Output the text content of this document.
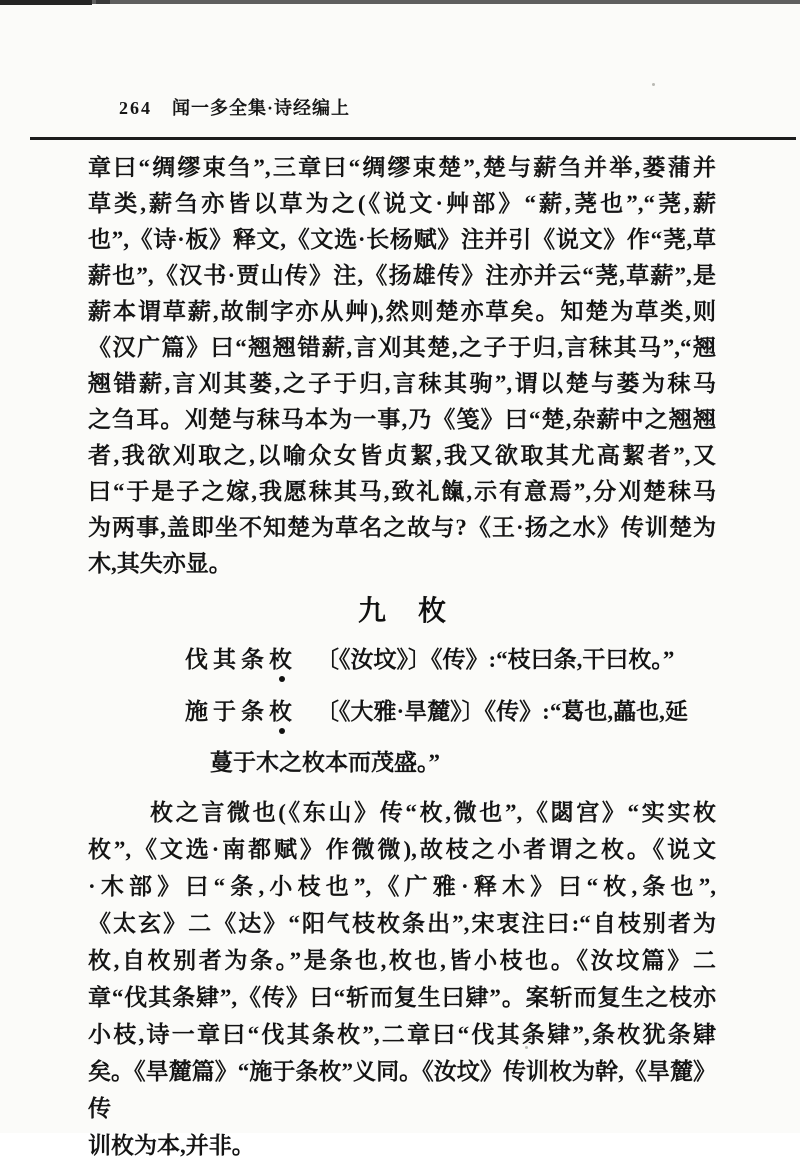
264 闻一多全集·诗经编上
章曰“绸缪束刍”,三章曰“绸缪束楚”,楚与薪刍并举,蒌蒲并
草类,薪刍亦皆以草为之(《说文·艸部》“薪,荛也”,“荛,薪
也”,《诗·板》释文,《文选·长杨赋》注并引《说文》作“荛,草
薪也”,《汉书·贾山传》注,《扬雄传》注亦并云“荛,草薪”,是
薪本谓草薪,故制字亦从艸),然则楚亦草矣。知楚为草类,则
《汉广篇》曰“翘翘错薪,言刈其楚,之子于归,言秣其马”,“翘
翘错薪,言刈其蒌,之子于归,言秣其驹”,谓以楚与蒌为秣马
之刍耳。刈楚与秣马本为一事,乃《笺》曰“楚,杂薪中之翘翘
者,我欲刈取之,以喻众女皆贞絜,我又欲取其尤高絜者”,又
曰“于是子之嫁,我愿秣其马,致礼餼,示有意焉”,分刈楚秣马
为两事,盖即坐不知楚为草名之故与?《王·扬之水》传训楚为
木,其失亦显。
九 枚
伐其条枚 〔《汝坟》〕《传》:“枝曰条,干曰枚。”
施于条枚 〔《大雅·旱麓》〕《传》:“葛也,藟也,延
蔓于木之枚本而茂盛。”
枚之言微也(《东山》传“枚,微也”,《閟宫》“实实枚
枚”,《文选·南都赋》作微微),故枝之小者谓之枚。《说文
·木部》曰“条,小枝也”,《广雅·释木》曰“枚,条也”,
《太玄》二《达》“阳气枝枚条出”,宋衷注曰:“自枝别者为
枚,自枚别者为条。”是条也,枚也,皆小枝也。《汝坟篇》二
章“伐其条肄”,《传》曰“斩而复生曰肄”。案斩而复生之枝亦
小枝,诗一章曰“伐其条枚”,二章曰“伐其条肄”,条枚犹条肄
矣。《旱麓篇》“施于条枚”义同。《汝坟》传训枚为幹,《旱麓》传
训枚为本,并非。
